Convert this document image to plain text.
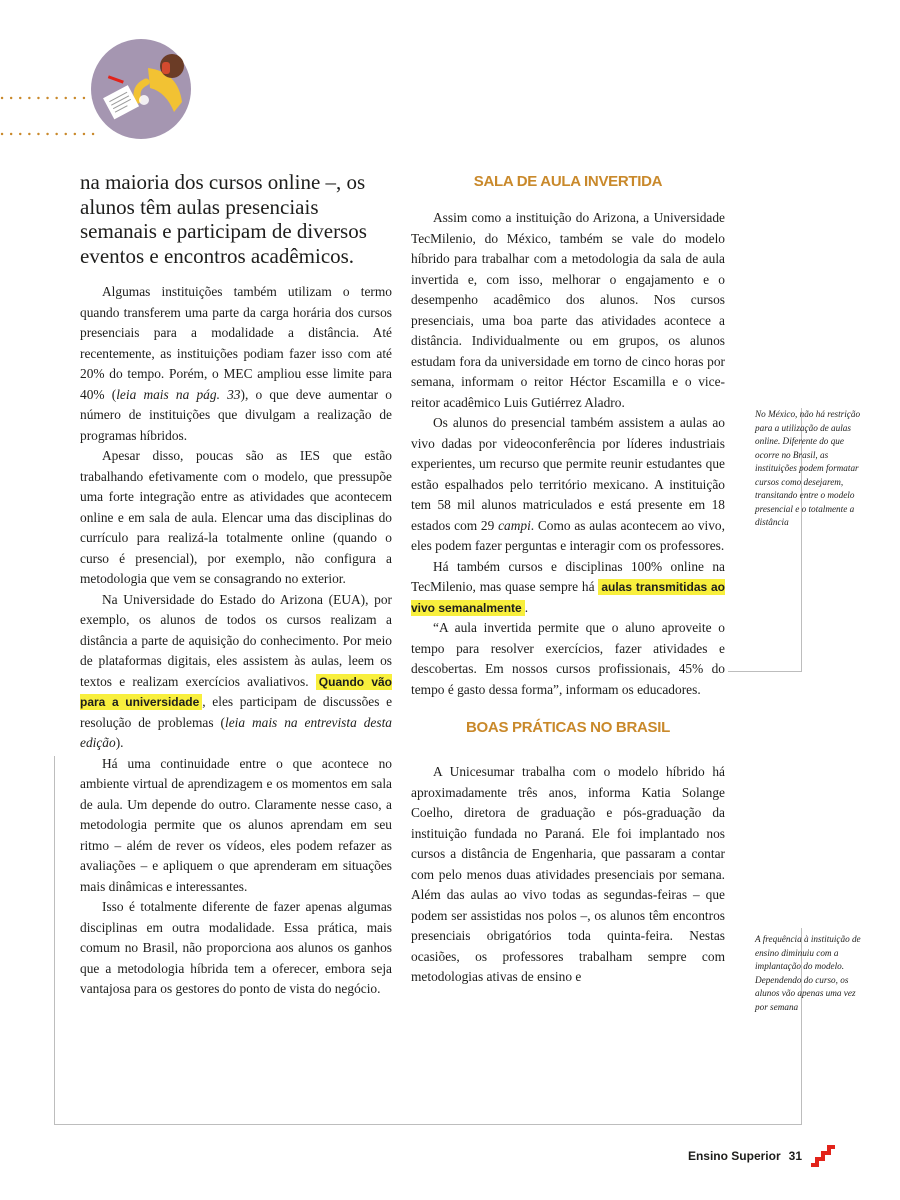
na maioria dos cursos online –, os alunos têm aulas presenciais semanais e participam de diversos eventos e encontros acadêmicos.

Algumas instituições também utilizam o termo quando transferem uma parte da carga horária dos cursos presenciais para a modalidade a distância. Até recentemente, as instituições podiam fazer isso com até 20% do tempo. Porém, o MEC ampliou esse limite para 40% (leia mais na pág. 33), o que deve aumentar o número de instituições que divulgam a realização de programas híbridos.

Apesar disso, poucas são as IES que estão trabalhando efetivamente com o modelo, que pressupõe uma forte integração entre as atividades que acontecem online e em sala de aula. Elencar uma das disciplinas do currículo para realizá-la totalmente online (quando o curso é presencial), por exemplo, não configura a metodologia que vem se consagrando no exterior.

Na Universidade do Estado do Arizona (EUA), por exemplo, os alunos de todos os cursos realizam a distância a parte de aquisição do conhecimento. Por meio de plataformas digitais, eles assistem às aulas, leem os textos e realizam exercícios avaliativos. Quando vão para a universidade , eles participam de discussões e resolução de problemas (leia mais na entrevista desta edição).

Há uma continuidade entre o que acontece no ambiente virtual de aprendizagem e os momentos em sala de aula. Um depende do outro. Claramente nesse caso, a metodologia permite que os alunos aprendam em seu ritmo – além de rever os vídeos, eles podem refazer as avaliações – e apliquem o que aprenderam em situações mais dinâmicas e interessantes.

Isso é totalmente diferente de fazer apenas algumas disciplinas em outra modalidade. Essa prática, mais comum no Brasil, não proporciona aos alunos os ganhos que a metodologia híbrida tem a oferecer, embora seja vantajosa para os gestores do ponto de vista do negócio.

SALA DE AULA INVERTIDA

Assim como a instituição do Arizona, a Universidade TecMilenio, do México, também se vale do modelo híbrido para trabalhar com a metodologia da sala de aula invertida e, com isso, melhorar o engajamento e o desempenho acadêmico dos alunos. Nos cursos presenciais, uma boa parte das atividades acontece a distância. Individualmente ou em grupos, os alunos estudam fora da universidade em torno de cinco horas por semana, informam o reitor Héctor Escamilla e o vice-reitor acadêmico Luis Gutiérrez Aladro.

Os alunos do presencial também assistem a aulas ao vivo dadas por videoconferência por líderes industriais experientes, um recurso que permite reunir estudantes que estão espalhados pelo território mexicano. A instituição tem 58 mil alunos matriculados e está presente em 18 estados com 29 campi. Como as aulas acontecem ao vivo, eles podem fazer perguntas e interagir com os professores.

Há também cursos e disciplinas 100% online na TecMilenio, mas quase sempre há aulas transmitidas ao vivo semanalmente .

“A aula invertida permite que o aluno aproveite o tempo para resolver exercícios, fazer atividades e descobertas. Em nossos cursos profissionais, 45% do tempo é gasto dessa forma”, informam os educadores.

BOAS PRÁTICAS NO BRASIL

A Unicesumar trabalha com o modelo híbrido há aproximadamente três anos, informa Katia Solange Coelho, diretora de graduação e pós-graduação da instituição fundada no Paraná. Ele foi implantado nos cursos a distância de Engenharia, que passaram a contar com pelo menos duas atividades presenciais por semana. Além das aulas ao vivo todas as segundas-feiras – que podem ser assistidas nos polos –, os alunos têm encontros presenciais obrigatórios toda quinta-feira. Nestas ocasiões, os professores trabalham sempre com metodologias ativas de ensino e

No México, não há restrição para a utilização de aulas online. Diferente do que ocorre no Brasil, as instituições podem formatar cursos como desejarem, transitando entre o modelo presencial e o totalmente a distância
A frequência à instituição de ensino diminuiu com a implantação do modelo. Dependendo do curso, os alunos vão apenas uma vez por semana
Ensino Superior 31
